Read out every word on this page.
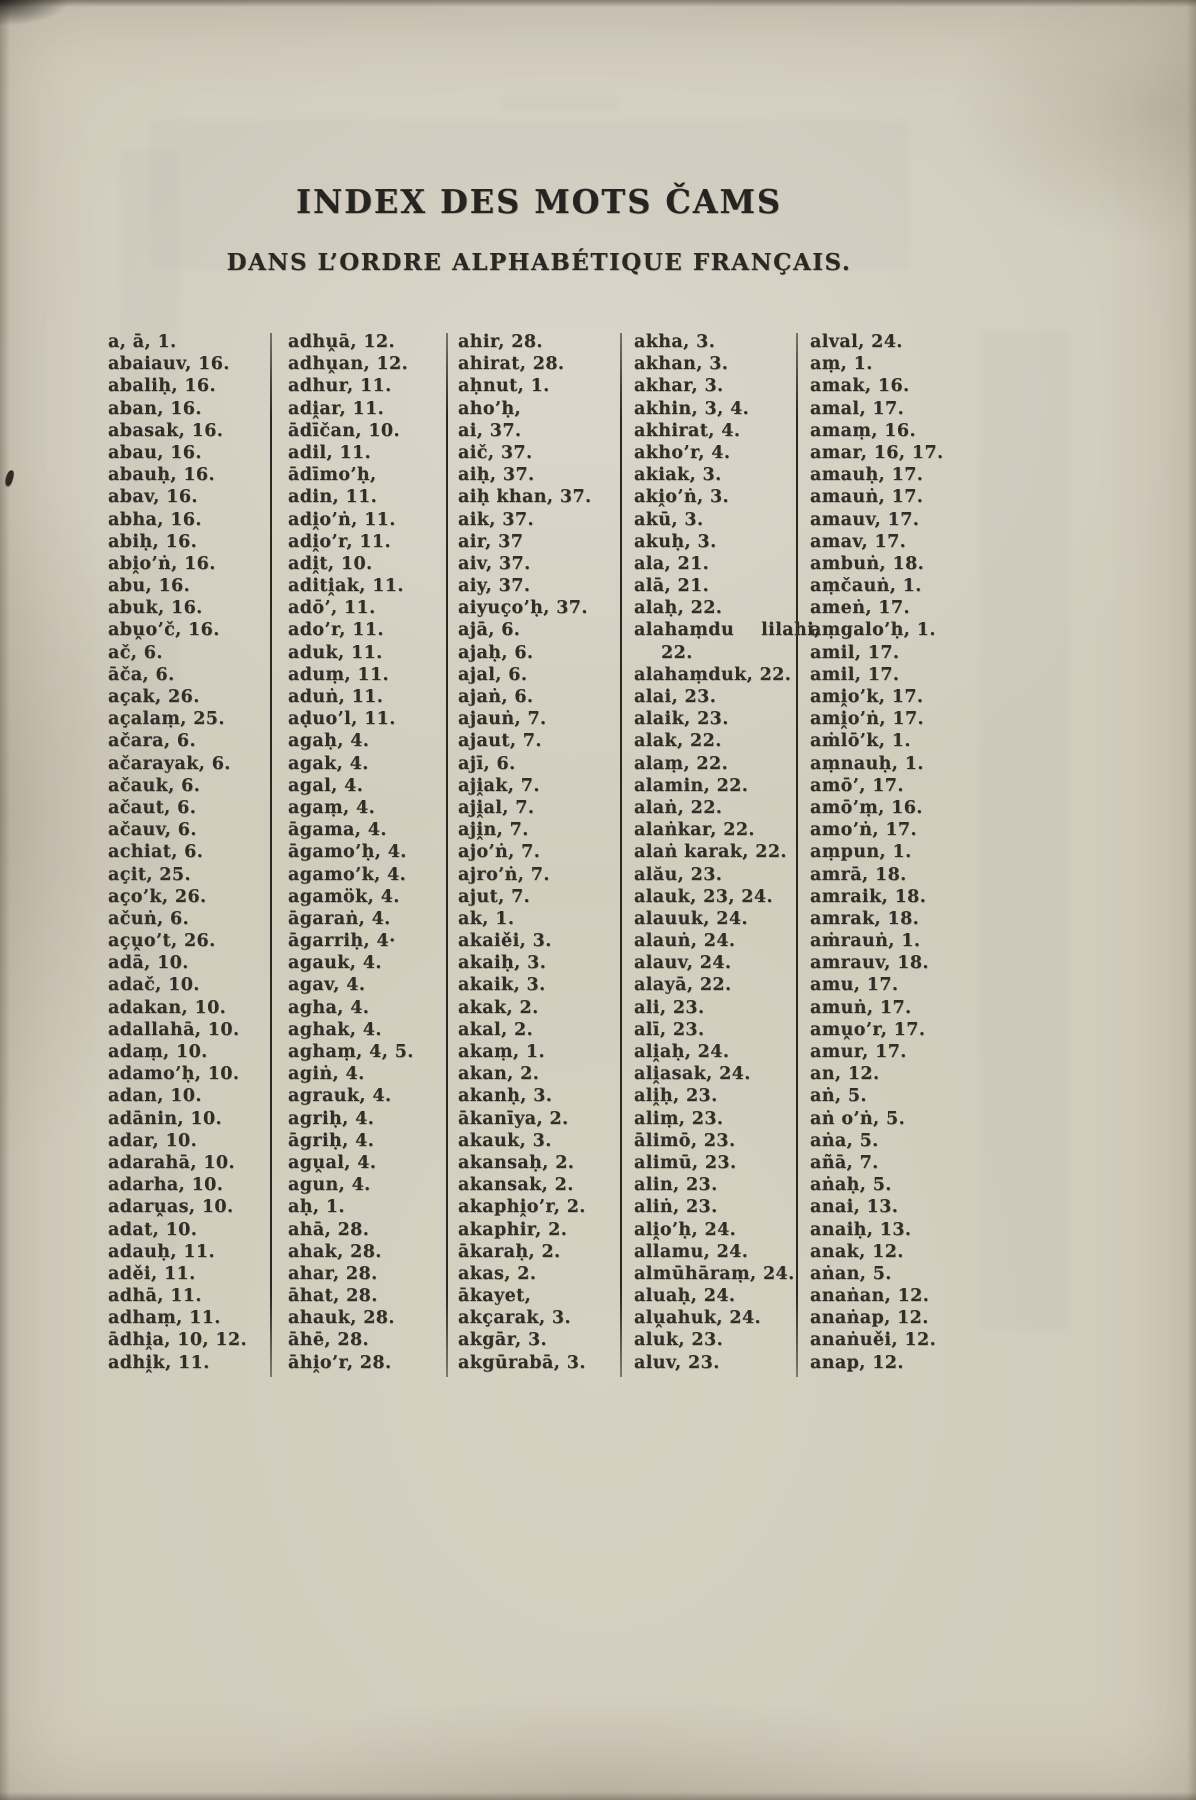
INDEX DES MOTS ČAMS
DANS L’ORDRE ALPHABÉTIQUE FRANÇAIS.
a, ā, 1.
abaiauv, 16.
abaliḥ, 16.
aban, 16.
abasak, 16.
abau, 16.
abauḥ, 16.
abav, 16.
abha, 16.
abiḥ, 16.
abi̭o’ṅ, 16.
abu, 16.
abuk, 16.
abṷo’č, 16.
ač, 6.
āča, 6.
açak, 26.
açalaṃ, 25.
ačara, 6.
ačarayak, 6.
ačauk, 6.
ačaut, 6.
ačauv, 6.
achiat, 6.
açit, 25.
aço’k, 26.
ačuṅ, 6.
açṷo’t, 26.
adā, 10.
adač, 10.
adakan, 10.
adallahā, 10.
adaṃ, 10.
adamo’ḥ, 10.
adan, 10.
adānin, 10.
adar, 10.
adarahā, 10.
adarha, 10.
adarṷas, 10.
adat, 10.
adauḥ, 11.
aděi, 11.
adhā, 11.
adhaṃ, 11.
ādhi̭a, 10, 12.
adhi̭k, 11.
adhṷā, 12.
adhṷan, 12.
adhur, 11.
adi̭ar, 11.
ādīčan, 10.
adil, 11.
ādīmo’ḥ,
adin, 11.
adi̭o’ṅ, 11.
adi̭o’r, 11.
adi̭t, 10.
aditi̭ak, 11.
adō’, 11.
ado’r, 11.
aduk, 11.
aduṃ, 11.
aduṅ, 11.
aḍuo’l, 11.
agaḥ, 4.
agak, 4.
agal, 4.
agaṃ, 4.
āgama, 4.
āgamo’ḥ, 4.
agamo’k, 4.
agamök, 4.
āgaraṅ, 4.
āgarriḥ, 4·
agauk, 4.
agav, 4.
agha, 4.
aghak, 4.
aghaṃ, 4, 5.
agiṅ, 4.
agrauk, 4.
agriḥ, 4.
āgriḥ, 4.
agṷal, 4.
agun, 4.
aḥ, 1.
ahā, 28.
ahak, 28.
ahar, 28.
āhat, 28.
ahauk, 28.
āhē, 28.
āhi̭o’r, 28.
ahir, 28.
ahirat, 28.
aḥnut, 1.
aho’ḥ,
ai, 37.
aič, 37.
aiḥ, 37.
aiḥ khan, 37.
aik, 37.
air, 37
aiv, 37.
aiy, 37.
aiyuço’ḥ, 37.
ajā, 6.
ajaḥ, 6.
ajal, 6.
ajaṅ, 6.
ajauṅ, 7.
ajaut, 7.
ajī, 6.
aji̭ak, 7.
aji̭al, 7.
aji̭n, 7.
ajo’ṅ, 7.
ajro’ṅ, 7.
ajut, 7.
ak, 1.
akaiěi, 3.
akaiḥ, 3.
akaik, 3.
akak, 2.
akal, 2.
akaṃ, 1.
akan, 2.
akanḥ, 3.
ākanīya, 2.
akauk, 3.
akansaḥ, 2.
akansak, 2.
akaphi̭o’r, 2.
akaphir, 2.
ākaraḥ, 2.
akas, 2.
ākayet,
akçarak, 3.
akgār, 3.
akgūrabā, 3.
akha, 3.
akhan, 3.
akhar, 3.
akhin, 3, 4.
akhirat, 4.
akho’r, 4.
akiak, 3.
aki̭o’ṅ, 3.
akū, 3.
akuḥ, 3.
ala, 21.
alā, 21.
alaḥ, 22.
alahaṃdu  lilahi,
  22.
alahaṃduk, 22.
alai, 23.
alaik, 23.
alak, 22.
alaṃ, 22.
alamin, 22.
alaṅ, 22.
alaṅkar, 22.
alaṅ karak, 22.
alău, 23.
alauk, 23, 24.
alauuk, 24.
alauṅ, 24.
alauv, 24.
alayā, 22.
ali, 23.
alī, 23.
ali̭aḥ, 24.
ali̭asak, 24.
ali̭ḥ, 23.
aliṃ, 23.
ālimō, 23.
alimū, 23.
alin, 23.
aliṅ, 23.
ali̭o’ḥ, 24.
allamu, 24.
almūhāraṃ, 24.
aluaḥ, 24.
alṷahuk, 24.
aluk, 23.
aluv, 23.
alval, 24.
aṃ, 1.
amak, 16.
amal, 17.
amaṃ, 16.
amar, 16, 17.
amauḥ, 17.
amauṅ, 17.
amauv, 17.
amav, 17.
ambuṅ, 18.
aṃčauṅ, 1.
ameṅ, 17.
aṃgalo’ḥ, 1.
amil, 17.
amil, 17.
ami̭o’k, 17.
ami̭o’ṅ, 17.
aṁlō’k, 1.
aṃnauḥ, 1.
amō’, 17.
amō’ṃ, 16.
amo’ṅ, 17.
aṃpun, 1.
amrā, 18.
amraik, 18.
amrak, 18.
aṁrauṅ, 1.
amrauv, 18.
amu, 17.
amuṅ, 17.
amṷo’r, 17.
amur, 17.
an, 12.
aṅ, 5.
aṅ o’ṅ, 5.
aṅa, 5.
añā, 7.
aṅaḥ, 5.
anai, 13.
anaiḥ, 13.
anak, 12.
aṅan, 5.
anaṅan, 12.
anaṅap, 12.
anaṅuěi, 12.
anap, 12.
